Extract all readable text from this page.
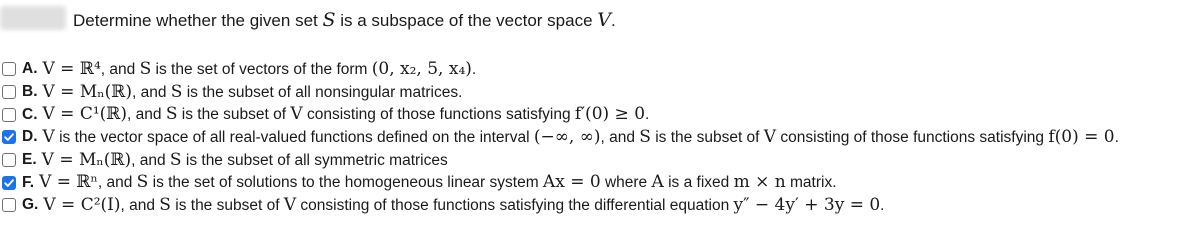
Determine whether the given set S is a subspace of the vector space V.
A. V = ℝ⁴, and S is the set of vectors of the form (0, x₂, 5, x₄).
B. V = Mₙ(ℝ), and S is the subset of all nonsingular matrices.
C. V = C¹(ℝ), and S is the subset of V consisting of those functions satisfying f′(0) ≥ 0.
D. V is the vector space of all real-valued functions defined on the interval (−∞, ∞), and S is the subset of V consisting of those functions satisfying f(0) = 0.
E. V = Mₙ(ℝ), and S is the subset of all symmetric matrices
F. V = ℝⁿ, and S is the set of solutions to the homogeneous linear system Ax = 0 where A is a fixed m × n matrix.
G. V = C²(I), and S is the subset of V consisting of those functions satisfying the differential equation y″ − 4y′ + 3y = 0.
